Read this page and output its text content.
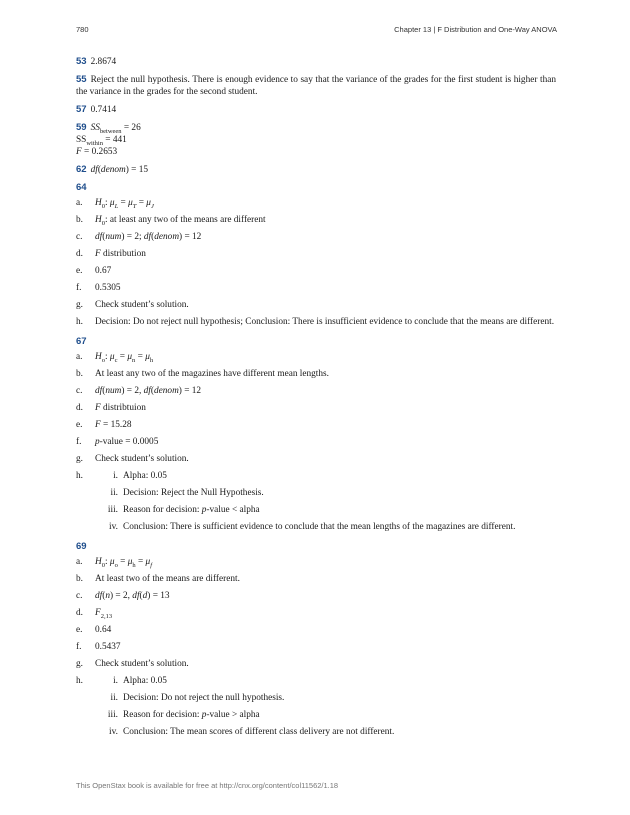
780	Chapter 13 | F Distribution and One-Way ANOVA
53 2.8674
55 Reject the null hypothesis. There is enough evidence to say that the variance of the grades for the first student is higher than the variance in the grades for the second student.
57 0.7414
59 $SS_{between} = 26$
$SS_{within} = 441$
F = 0.2653
62 df(denom) = 15
64
a.	$H_0$: $\mu_L = \mu_T = \mu_J$
b.	$H_0$: at least any two of the means are different
c.	df(num) = 2; df(denom) = 12
d.	F distribution
e.	0.67
f.	0.5305
g.	Check student’s solution.
h.	Decision: Do not reject null hypothesis; Conclusion: There is insufficient evidence to conclude that the means are different.
67
a.	$H_o$: $\mu_c = \mu_n = \mu_h$
b.	At least any two of the magazines have different mean lengths.
c.	df(num) = 2, df(denom) = 12
d.	F distribtuion
e.	F = 15.28
f.	p-value = 0.0005
g.	Check student’s solution.
h.	i. Alpha: 0.05
ii. Decision: Reject the Null Hypothesis.
iii. Reason for decision: p-value < alpha
iv. Conclusion: There is sufficient evidence to conclude that the mean lengths of the magazines are different.
69
a.	$H_0$: $\mu_o = \mu_h = \mu_f$
b.	At least two of the means are different.
c.	df(n) = 2, df(d) = 13
d.	$F_{2,13}$
e.	0.64
f.	0.5437
g.	Check student’s solution.
h.	i. Alpha: 0.05
ii. Decision: Do not reject the null hypothesis.
iii. Reason for decision: p-value > alpha
iv. Conclusion: The mean scores of different class delivery are not different.
This OpenStax book is available for free at http://cnx.org/content/col11562/1.18
